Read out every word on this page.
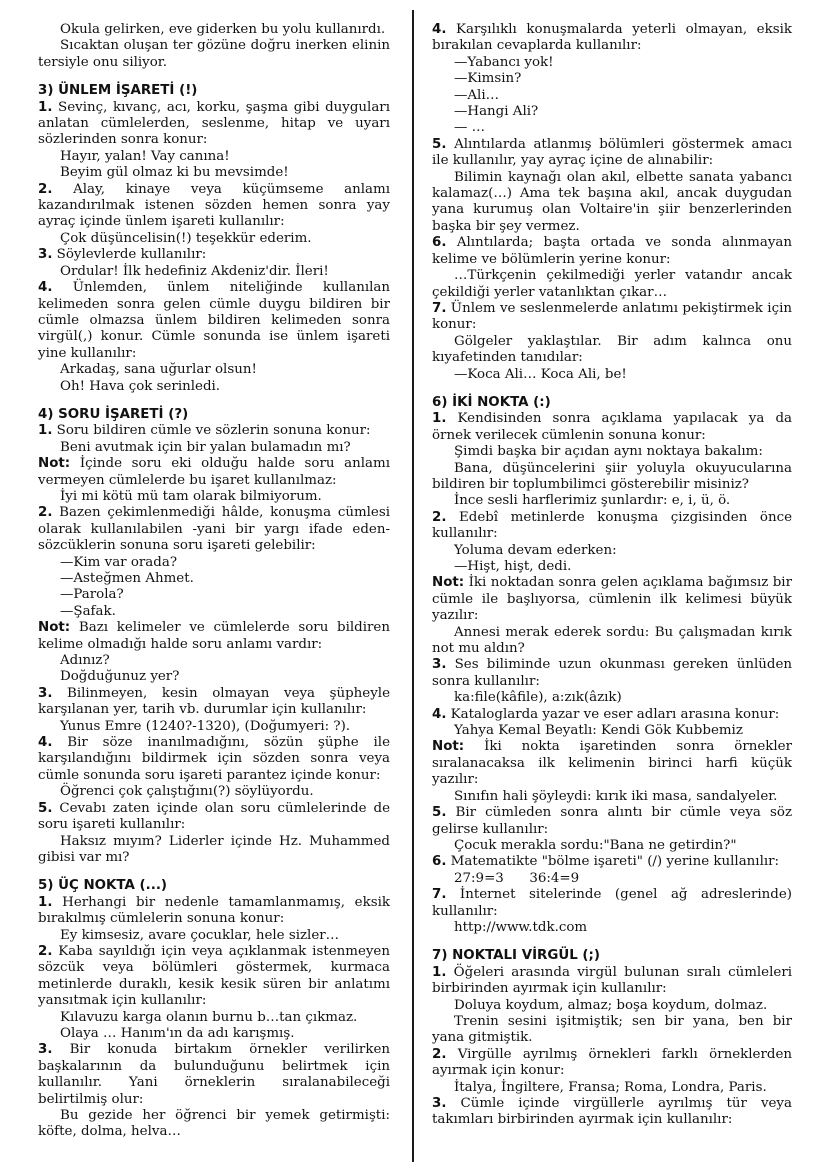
Okula gelirken, eve giderken bu yolu kullanırdı.

Sıcaktan oluşan ter gözüne doğru inerken elinin tersiyle onu siliyor.

3) ÜNLEM İŞARETİ (!)

1. Sevinç, kıvanç, acı, korku, şaşma gibi duyguları anlatan cümlelerden, seslenme, hitap ve uyarı sözlerinden sonra konur:

Hayır, yalan! Vay canına!

Beyim gül olmaz ki bu mevsimde!

2. Alay, kinaye veya küçümseme anlamı kazandırılmak istenen sözden hemen sonra yay ayraç içinde ünlem işareti kullanılır:

Çok düşüncelisin(!) teşekkür ederim.

3. Söylevlerde kullanılır:

Ordular! İlk hedefiniz Akdeniz'dir. İleri!

4. Ünlemden, ünlem niteliğinde kullanılan kelimeden sonra gelen cümle duygu bildiren bir cümle olmazsa ünlem bildiren kelimeden sonra virgül(,) konur. Cümle sonunda ise ünlem işareti yine kullanılır:

Arkadaş, sana uğurlar olsun!

Oh! Hava çok serinledi.

4) SORU İŞARETİ (?)

1. Soru bildiren cümle ve sözlerin sonuna konur:

Beni avutmak için bir yalan bulamadın mı?

Not: İçinde soru eki olduğu halde soru anlamı vermeyen cümlelerde bu işaret kullanılmaz:

İyi mi kötü mü tam olarak bilmiyorum.

2. Bazen çekimlenmediği hâlde, konuşma cümlesi olarak kullanılabilen -yani bir yargı ifade eden- sözcüklerin sonuna soru işareti gelebilir:

—Kim var orada?

—Asteğmen Ahmet.

—Parola?

—Şafak.

Not: Bazı kelimeler ve cümlelerde soru bildiren kelime olmadığı halde soru anlamı vardır:

Adınız?

Doğduğunuz yer?

3. Bilinmeyen, kesin olmayan veya şüpheyle karşılanan yer, tarih vb. durumlar için kullanılır:

Yunus Emre (1240?-1320), (Doğumyeri: ?).

4. Bir söze inanılmadığını, sözün şüphe ile karşılandığını bildirmek için sözden sonra veya cümle sonunda soru işareti parantez içinde konur:

Öğrenci çok çalıştığını(?) söylüyordu.

5. Cevabı zaten içinde olan soru cümlelerinde de soru işareti kullanılır:

Haksız mıyım? Liderler içinde Hz. Muhammed gibisi var mı?

5) ÜÇ NOKTA (...)

1. Herhangi bir nedenle tamamlanmamış, eksik bırakılmış cümlelerin sonuna konur:

Ey kimsesiz, avare çocuklar, hele sizler…

2. Kaba sayıldığı için veya açıklanmak istenmeyen sözcük veya bölümleri göstermek, kurmaca metinlerde duraklı, kesik kesik süren bir anlatımı yansıtmak için kullanılır:

Kılavuzu karga olanın burnu b…tan çıkmaz.

Olaya … Hanım'ın da adı karışmış.

3. Bir konuda birtakım örnekler verilirken başkalarının da bulunduğunu belirtmek için kullanılır. Yani örneklerin sıralanabileceği belirtilmiş olur:

Bu gezide her öğrenci bir yemek getirmişti: köfte, dolma, helva…

4. Karşılıklı konuşmalarda yeterli olmayan, eksik bırakılan cevaplarda kullanılır:

—Yabancı yok!

—Kimsin?

—Ali…

—Hangi Ali?

— …

5. Alıntılarda atlanmış bölümleri göstermek amacı ile kullanılır, yay ayraç içine de alınabilir:

Bilimin kaynağı olan akıl, elbette sanata yabancı kalamaz(…) Ama tek başına akıl, ancak duygudan yana kurumuş olan Voltaire'in şiir benzerlerinden başka bir şey vermez.

6. Alıntılarda; başta ortada ve sonda alınmayan kelime ve bölümlerin yerine konur:

…Türkçenin çekilmediği yerler vatandır ancak çekildiği yerler vatanlıktan çıkar…

7. Ünlem ve seslenmelerde anlatımı pekiştirmek için konur:

Gölgeler yaklaştılar. Bir adım kalınca onu kıyafetinden tanıdılar:

—Koca Ali… Koca Ali, be!

6) İKİ NOKTA (:)

1. Kendisinden sonra açıklama yapılacak ya da örnek verilecek cümlenin sonuna konur:

Şimdi başka bir açıdan aynı noktaya bakalım:

Bana, düşüncelerini şiir yoluyla okuyucularına bildiren bir toplumbilimci gösterebilir misiniz?

İnce sesli harflerimiz şunlardır: e, i, ü, ö.

2. Edebî metinlerde konuşma çizgisinden önce kullanılır:

Yoluma devam ederken:

—Hişt, hişt, dedi.

Not: İki noktadan sonra gelen açıklama bağımsız bir cümle ile başlıyorsa, cümlenin ilk kelimesi büyük yazılır:

Annesi merak ederek sordu: Bu çalışmadan kırık not mu aldın?

3. Ses biliminde uzun okunması gereken ünlüden sonra kullanılır:

ka:file(kâfile), a:zık(âzık)

4. Kataloglarda yazar ve eser adları arasına konur:

Yahya Kemal Beyatlı: Kendi Gök Kubbemiz

Not: İki nokta işaretinden sonra örnekler sıralanacaksa ilk kelimenin birinci harfi küçük yazılır:

Sınıfın hali şöyleydi: kırık iki masa, sandalyeler.

5. Bir cümleden sonra alıntı bir cümle veya söz gelirse kullanılır:

Çocuk merakla sordu:"Bana ne getirdin?"

6. Matematikte "bölme işareti" (/) yerine kullanılır:

27:9=3      36:4=9

7. İnternet sitelerinde (genel ağ adreslerinde) kullanılır:

http://www.tdk.com

7) NOKTALI VİRGÜL (;)

1. Öğeleri arasında virgül bulunan sıralı cümleleri birbirinden ayırmak için kullanılır:

Doluya koydum, almaz; boşa koydum, dolmaz.

Trenin sesini işitmiştik; sen bir yana, ben bir yana gitmiştik.

2. Virgülle ayrılmış örnekleri farklı örneklerden ayırmak için konur:

İtalya, İngiltere, Fransa; Roma, Londra, Paris.

3. Cümle içinde virgüllerle ayrılmış tür veya takımları birbirinden ayırmak için kullanılır:
